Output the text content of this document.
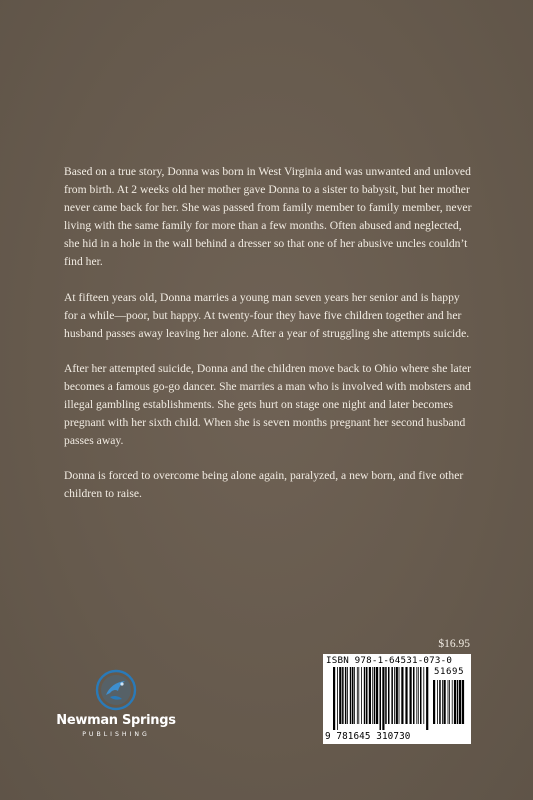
Based on a true story, Donna was born in West Virginia and was unwanted and unloved from birth. At 2 weeks old her mother gave Donna to a sister to babysit, but her mother never came back for her. She was passed from family member to family member, never living with the same family for more than a few months. Often abused and neglected, she hid in a hole in the wall behind a dresser so that one of her abusive uncles couldn’t find her.

At fifteen years old, Donna marries a young man seven years her senior and is happy for a while—poor, but happy. At twenty-four they have five children together and her husband passes away leaving her alone. After a year of struggling she attempts suicide.

After her attempted suicide, Donna and the children move back to Ohio where she later becomes a famous go-go dancer. She marries a man who is involved with mobsters and illegal gambling establishments. She gets hurt on stage one night and later becomes pregnant with her sixth child. When she is seven months pregnant her second husband passes away.

Donna is forced to overcome being alone again, paralyzed, a new born, and five other children to raise.

$16.95
ISBN 978-1-64531-073-0
51695
9 781645 310730
Newman Springs
PUBLISHING
